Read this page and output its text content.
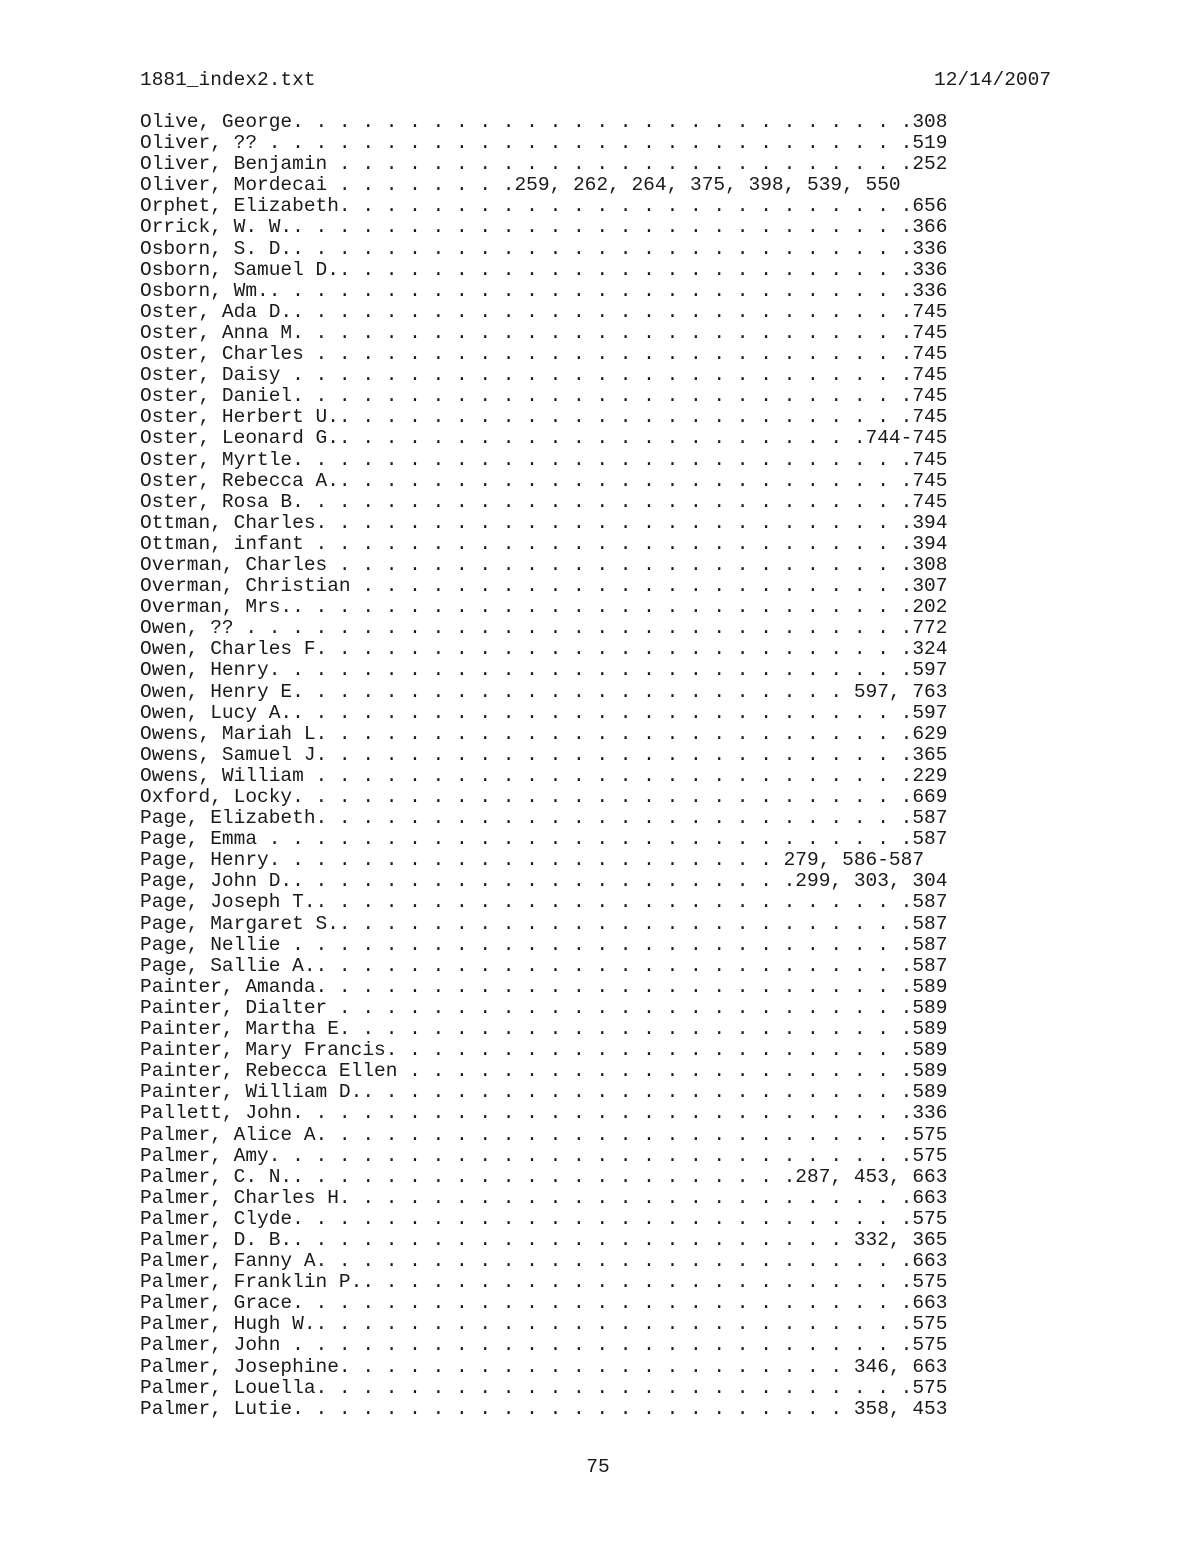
1881_index2.txt	12/14/2007
Olive, George. . . . . . . . . . . . . . . . . . . . . . . . . . .308
Oliver, ?? . . . . . . . . . . . . . . . . . . . . . . . . . . . .519
Oliver, Benjamin . . . . . . . . . . . . . . . . . . . . . . . . .252
Oliver, Mordecai . . . . . . . .259, 262, 264, 375, 398, 539, 550
Orphet, Elizabeth. . . . . . . . . . . . . . . . . . . . . . . . .656
Orrick, W. W.. . . . . . . . . . . . . . . . . . . . . . . . . . .366
Osborn, S. D.. . . . . . . . . . . . . . . . . . . . . . . . . . .336
Osborn, Samuel D.. . . . . . . . . . . . . . . . . . . . . . . . .336
Osborn, Wm.. . . . . . . . . . . . . . . . . . . . . . . . . . . .336
Oster, Ada D.. . . . . . . . . . . . . . . . . . . . . . . . . . .745
Oster, Anna M. . . . . . . . . . . . . . . . . . . . . . . . . . .745
Oster, Charles . . . . . . . . . . . . . . . . . . . . . . . . . .745
Oster, Daisy . . . . . . . . . . . . . . . . . . . . . . . . . . .745
Oster, Daniel. . . . . . . . . . . . . . . . . . . . . . . . . . .745
Oster, Herbert U.. . . . . . . . . . . . . . . . . . . . . . . . .745
Oster, Leonard G.. . . . . . . . . . . . . . . . . . . . . . .744-745
Oster, Myrtle. . . . . . . . . . . . . . . . . . . . . . . . . . .745
Oster, Rebecca A.. . . . . . . . . . . . . . . . . . . . . . . . .745
Oster, Rosa B. . . . . . . . . . . . . . . . . . . . . . . . . . .745
Ottman, Charles. . . . . . . . . . . . . . . . . . . . . . . . . .394
Ottman, infant . . . . . . . . . . . . . . . . . . . . . . . . . .394
Overman, Charles . . . . . . . . . . . . . . . . . . . . . . . . .308
Overman, Christian . . . . . . . . . . . . . . . . . . . . . . . .307
Overman, Mrs.. . . . . . . . . . . . . . . . . . . . . . . . . . .202
Owen, ?? . . . . . . . . . . . . . . . . . . . . . . . . . . . . .772
Owen, Charles F. . . . . . . . . . . . . . . . . . . . . . . . . .324
Owen, Henry. . . . . . . . . . . . . . . . . . . . . . . . . . . .597
Owen, Henry E. . . . . . . . . . . . . . . . . . . . . . . . 597, 763
Owen, Lucy A.. . . . . . . . . . . . . . . . . . . . . . . . . . .597
Owens, Mariah L. . . . . . . . . . . . . . . . . . . . . . . . . .629
Owens, Samuel J. . . . . . . . . . . . . . . . . . . . . . . . . .365
Owens, William . . . . . . . . . . . . . . . . . . . . . . . . . .229
Oxford, Locky. . . . . . . . . . . . . . . . . . . . . . . . . . .669
Page, Elizabeth. . . . . . . . . . . . . . . . . . . . . . . . . .587
Page, Emma . . . . . . . . . . . . . . . . . . . . . . . . . . . .587
Page, Henry. . . . . . . . . . . . . . . . . . . . . . 279, 586-587
Page, John D.. . . . . . . . . . . . . . . . . . . . . .299, 303, 304
Page, Joseph T.. . . . . . . . . . . . . . . . . . . . . . . . . .587
Page, Margaret S.. . . . . . . . . . . . . . . . . . . . . . . . .587
Page, Nellie . . . . . . . . . . . . . . . . . . . . . . . . . . .587
Page, Sallie A.. . . . . . . . . . . . . . . . . . . . . . . . . .587
Painter, Amanda. . . . . . . . . . . . . . . . . . . . . . . . . .589
Painter, Dialter . . . . . . . . . . . . . . . . . . . . . . . . .589
Painter, Martha E. . . . . . . . . . . . . . . . . . . . . . . . .589
Painter, Mary Francis. . . . . . . . . . . . . . . . . . . . . . .589
Painter, Rebecca Ellen . . . . . . . . . . . . . . . . . . . . . .589
Painter, William D.. . . . . . . . . . . . . . . . . . . . . . . .589
Pallett, John. . . . . . . . . . . . . . . . . . . . . . . . . . .336
Palmer, Alice A. . . . . . . . . . . . . . . . . . . . . . . . . .575
Palmer, Amy. . . . . . . . . . . . . . . . . . . . . . . . . . . .575
Palmer, C. N.. . . . . . . . . . . . . . . . . . . . . .287, 453, 663
Palmer, Charles H. . . . . . . . . . . . . . . . . . . . . . . . .663
Palmer, Clyde. . . . . . . . . . . . . . . . . . . . . . . . . . .575
Palmer, D. B.. . . . . . . . . . . . . . . . . . . . . . . . 332, 365
Palmer, Fanny A. . . . . . . . . . . . . . . . . . . . . . . . . .663
Palmer, Franklin P.. . . . . . . . . . . . . . . . . . . . . . . .575
Palmer, Grace. . . . . . . . . . . . . . . . . . . . . . . . . . .663
Palmer, Hugh W.. . . . . . . . . . . . . . . . . . . . . . . . . .575
Palmer, John . . . . . . . . . . . . . . . . . . . . . . . . . . .575
Palmer, Josephine. . . . . . . . . . . . . . . . . . . . . . 346, 663
Palmer, Louella. . . . . . . . . . . . . . . . . . . . . . . . . .575
Palmer, Lutie. . . . . . . . . . . . . . . . . . . . . . . . 358, 453
75
